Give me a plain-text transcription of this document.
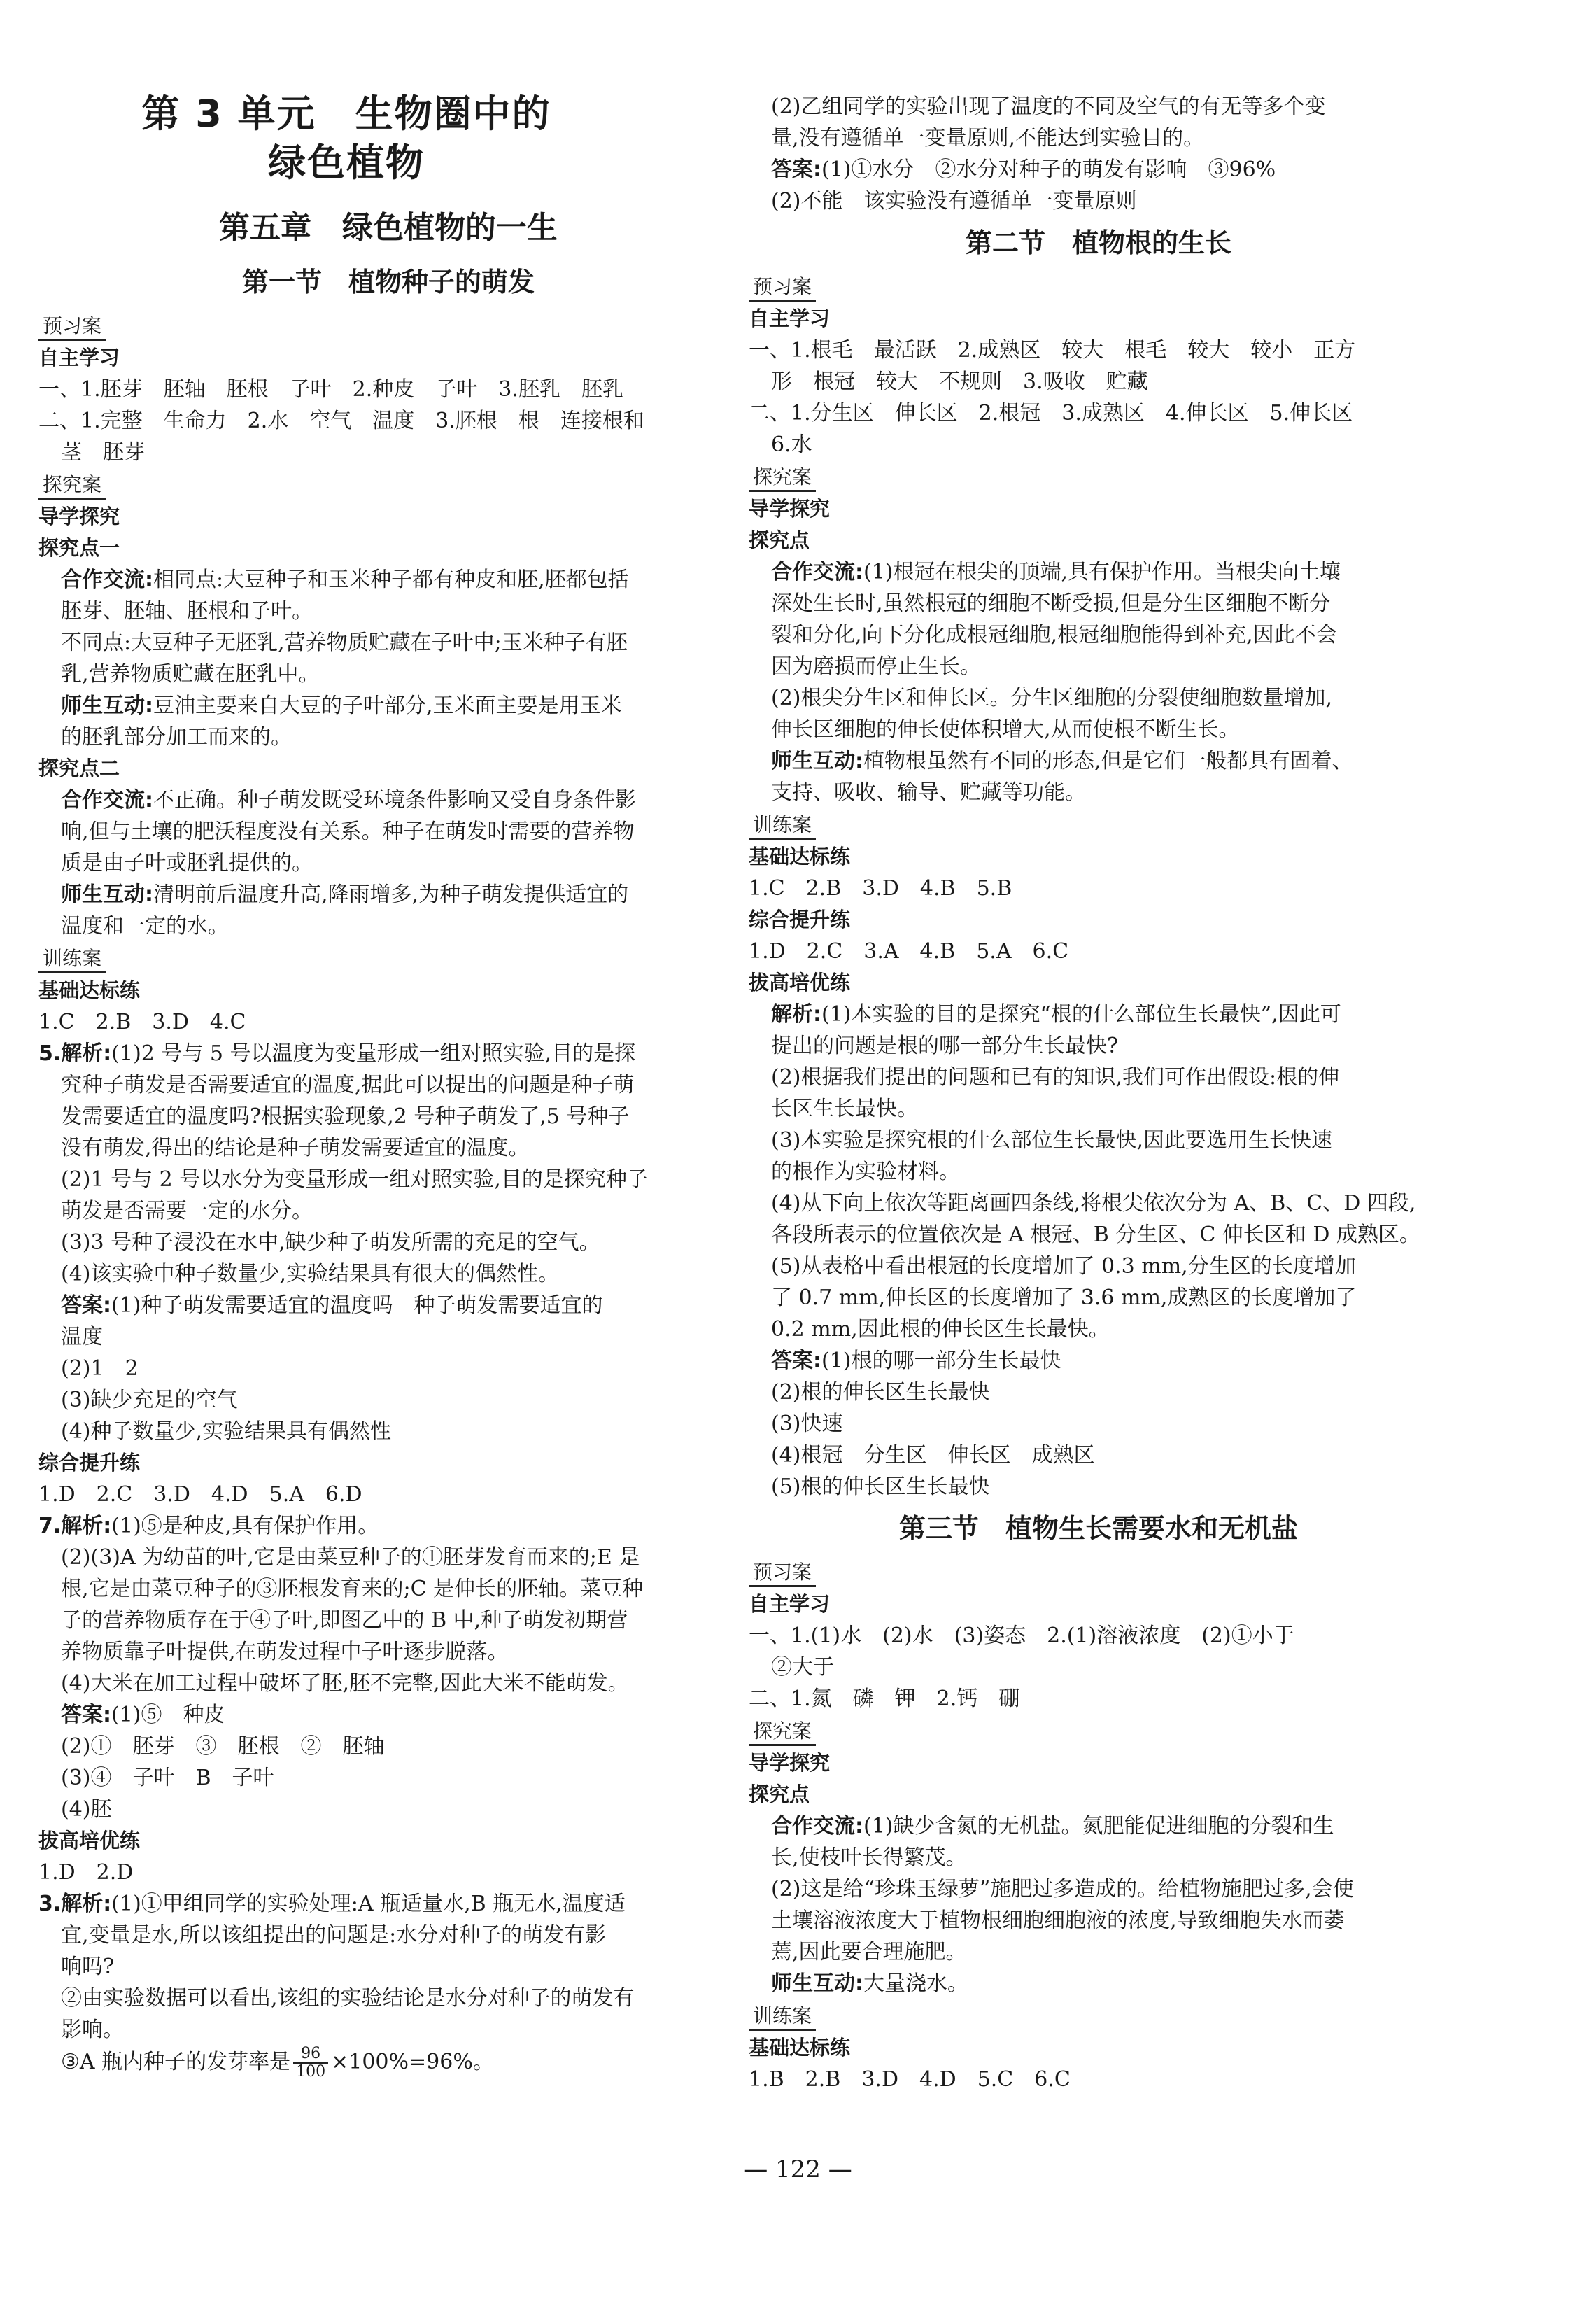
第 3 单元　生物圈中的
绿色植物
第五章　绿色植物的一生
第一节　植物种子的萌发
预习案
自主学习
一、1.胚芽　胚轴　胚根　子叶　2.种皮　子叶　3.胚乳　胚乳
二、1.完整　生命力　2.水　空气　温度　3.胚根　根　连接根和
茎　胚芽
探究案
导学探究
探究点一
合作交流:相同点:大豆种子和玉米种子都有种皮和胚,胚都包括
胚芽、胚轴、胚根和子叶。
不同点:大豆种子无胚乳,营养物质贮藏在子叶中;玉米种子有胚
乳,营养物质贮藏在胚乳中。
师生互动:豆油主要来自大豆的子叶部分,玉米面主要是用玉米
的胚乳部分加工而来的。
探究点二
合作交流:不正确。种子萌发既受环境条件影响又受自身条件影
响,但与土壤的肥沃程度没有关系。种子在萌发时需要的营养物
质是由子叶或胚乳提供的。
师生互动:清明前后温度升高,降雨增多,为种子萌发提供适宜的
温度和一定的水。
训练案
基础达标练
1.C　2.B　3.D　4.C
5.解析:(1)2 号与 5 号以温度为变量形成一组对照实验,目的是探
究种子萌发是否需要适宜的温度,据此可以提出的问题是种子萌
发需要适宜的温度吗?根据实验现象,2 号种子萌发了,5 号种子
没有萌发,得出的结论是种子萌发需要适宜的温度。
(2)1 号与 2 号以水分为变量形成一组对照实验,目的是探究种子
萌发是否需要一定的水分。
(3)3 号种子浸没在水中,缺少种子萌发所需的充足的空气。
(4)该实验中种子数量少,实验结果具有很大的偶然性。
答案:(1)种子萌发需要适宜的温度吗　种子萌发需要适宜的
温度
(2)1　2
(3)缺少充足的空气
(4)种子数量少,实验结果具有偶然性
综合提升练
1.D　2.C　3.D　4.D　5.A　6.D
7.解析:(1)⑤是种皮,具有保护作用。
(2)(3)A 为幼苗的叶,它是由菜豆种子的①胚芽发育而来的;E 是
根,它是由菜豆种子的③胚根发育来的;C 是伸长的胚轴。菜豆种
子的营养物质存在于④子叶,即图乙中的 B 中,种子萌发初期营
养物质靠子叶提供,在萌发过程中子叶逐步脱落。
(4)大米在加工过程中破坏了胚,胚不完整,因此大米不能萌发。
答案:(1)⑤　种皮
(2)①　胚芽　③　胚根　②　胚轴
(3)④　子叶　B　子叶
(4)胚
拔高培优练
1.D　2.D
3.解析:(1)①甲组同学的实验处理:A 瓶适量水,B 瓶无水,温度适
宜,变量是水,所以该组提出的问题是:水分对种子的萌发有影
响吗?
②由实验数据可以看出,该组的实验结论是水分对种子的萌发有
影响。
③A 瓶内种子的发芽率是 $\frac{96}{100} \times 100\%=96\%$。
(2)乙组同学的实验出现了温度的不同及空气的有无等多个变
量,没有遵循单一变量原则,不能达到实验目的。
答案:(1)①水分　②水分对种子的萌发有影响　③96%
(2)不能　该实验没有遵循单一变量原则
第二节　植物根的生长
预习案
自主学习
一、1.根毛　最活跃　2.成熟区　较大　根毛　较大　较小　正方
形　根冠　较大　不规则　3.吸收　贮藏
二、1.分生区　伸长区　2.根冠　3.成熟区　4.伸长区　5.伸长区
6.水
探究案
导学探究
探究点
合作交流:(1)根冠在根尖的顶端,具有保护作用。当根尖向土壤
深处生长时,虽然根冠的细胞不断受损,但是分生区细胞不断分
裂和分化,向下分化成根冠细胞,根冠细胞能得到补充,因此不会
因为磨损而停止生长。
(2)根尖分生区和伸长区。分生区细胞的分裂使细胞数量增加,
伸长区细胞的伸长使体积增大,从而使根不断生长。
师生互动:植物根虽然有不同的形态,但是它们一般都具有固着、
支持、吸收、输导、贮藏等功能。
训练案
基础达标练
1.C　2.B　3.D　4.B　5.B
综合提升练
1.D　2.C　3.A　4.B　5.A　6.C
拔高培优练
解析:(1)本实验的目的是探究“根的什么部位生长最快”,因此可
提出的问题是根的哪一部分生长最快?
(2)根据我们提出的问题和已有的知识,我们可作出假设:根的伸
长区生长最快。
(3)本实验是探究根的什么部位生长最快,因此要选用生长快速
的根作为实验材料。
(4)从下向上依次等距离画四条线,将根尖依次分为 A、B、C、D 四段,
各段所表示的位置依次是 A 根冠、B 分生区、C 伸长区和 D 成熟区。
(5)从表格中看出根冠的长度增加了 0.3 mm,分生区的长度增加
了 0.7 mm,伸长区的长度增加了 3.6 mm,成熟区的长度增加了
0.2 mm,因此根的伸长区生长最快。
答案:(1)根的哪一部分生长最快
(2)根的伸长区生长最快
(3)快速
(4)根冠　分生区　伸长区　成熟区
(5)根的伸长区生长最快
第三节　植物生长需要水和无机盐
预习案
自主学习
一、1.(1)水　(2)水　(3)姿态　2.(1)溶液浓度　(2)①小于
②大于
二、1.氮　磷　钾　2.钙　硼
探究案
导学探究
探究点
合作交流:(1)缺少含氮的无机盐。氮肥能促进细胞的分裂和生
长,使枝叶长得繁茂。
(2)这是给“珍珠玉绿萝”施肥过多造成的。给植物施肥过多,会使
土壤溶液浓度大于植物根细胞细胞液的浓度,导致细胞失水而萎
蔫,因此要合理施肥。
师生互动:大量浇水。
训练案
基础达标练
1.B　2.B　3.D　4.D　5.C　6.C
— 122 —
